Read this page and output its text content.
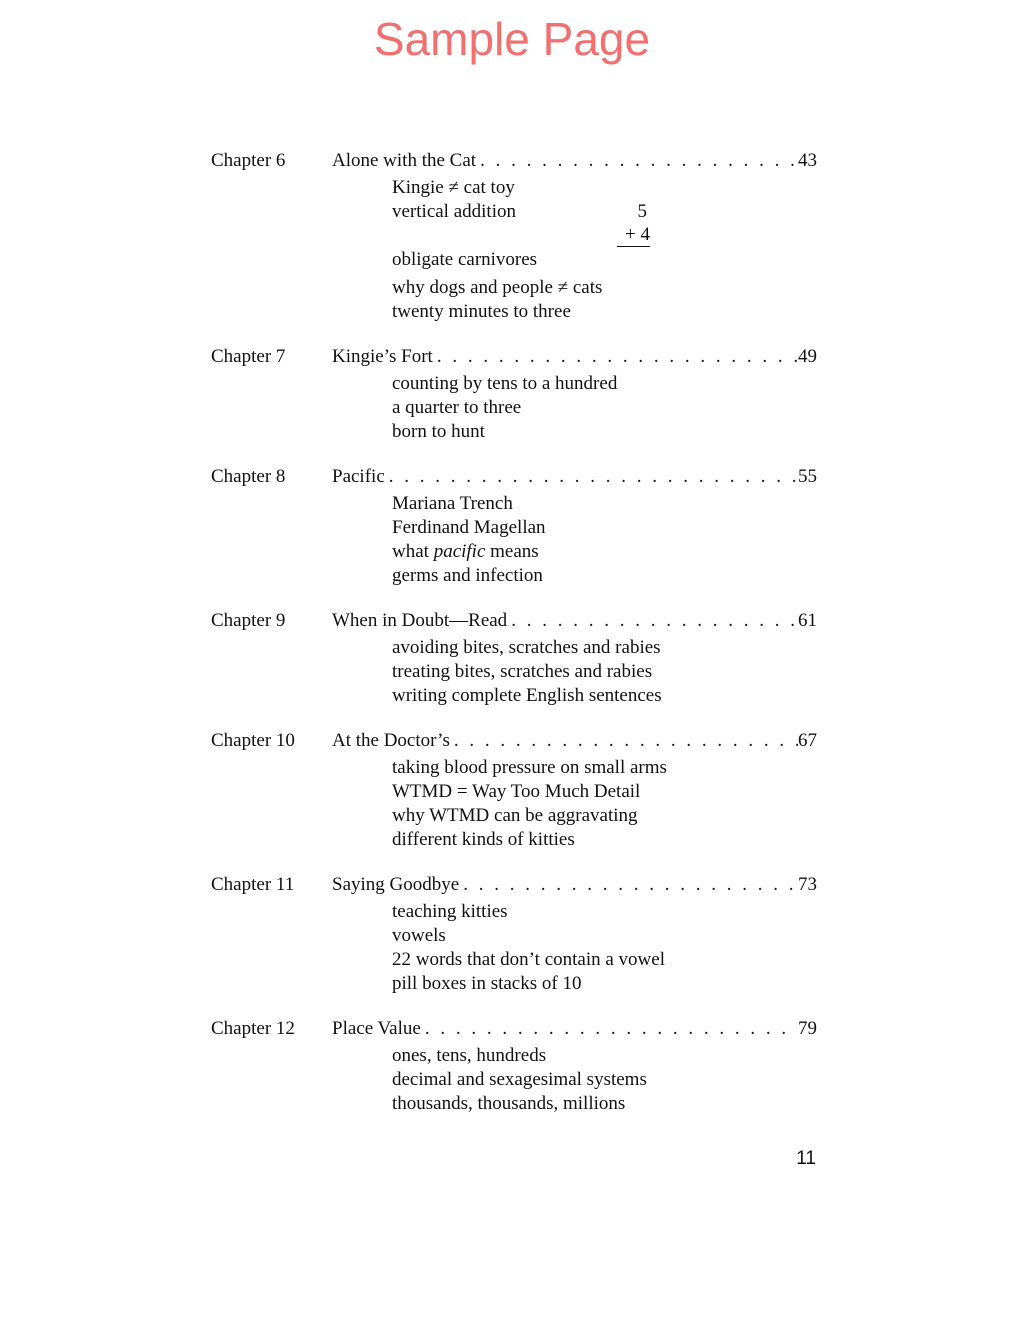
Sample Page
Chapter 6	Alone with the Cat . . .	43
Kingie ≠ cat toy
vertical addition	5
+ 4
obligate carnivores
why dogs and people ≠ cats
twenty minutes to three
Chapter 7	Kingie’s Fort . . .	49
counting by tens to a hundred
a quarter to three
born to hunt
Chapter 8	Pacific . . .	55
Mariana Trench
Ferdinand Magellan
what pacific means
germs and infection
Chapter 9	When in Doubt—Read . . .	61
avoiding bites, scratches and rabies
treating bites, scratches and rabies
writing complete English sentences
Chapter 10	At the Doctor’s . . .	67
taking blood pressure on small arms
WTMD = Way Too Much Detail
why WTMD can be aggravating
different kinds of kitties
Chapter 11	Saying Goodbye . . .	73
teaching kitties
vowels
22 words that don’t contain a vowel
pill boxes in stacks of 10
Chapter 12	Place Value . . .	79
ones, tens, hundreds
decimal and sexagesimal systems
thousands, thousands, millions
11
